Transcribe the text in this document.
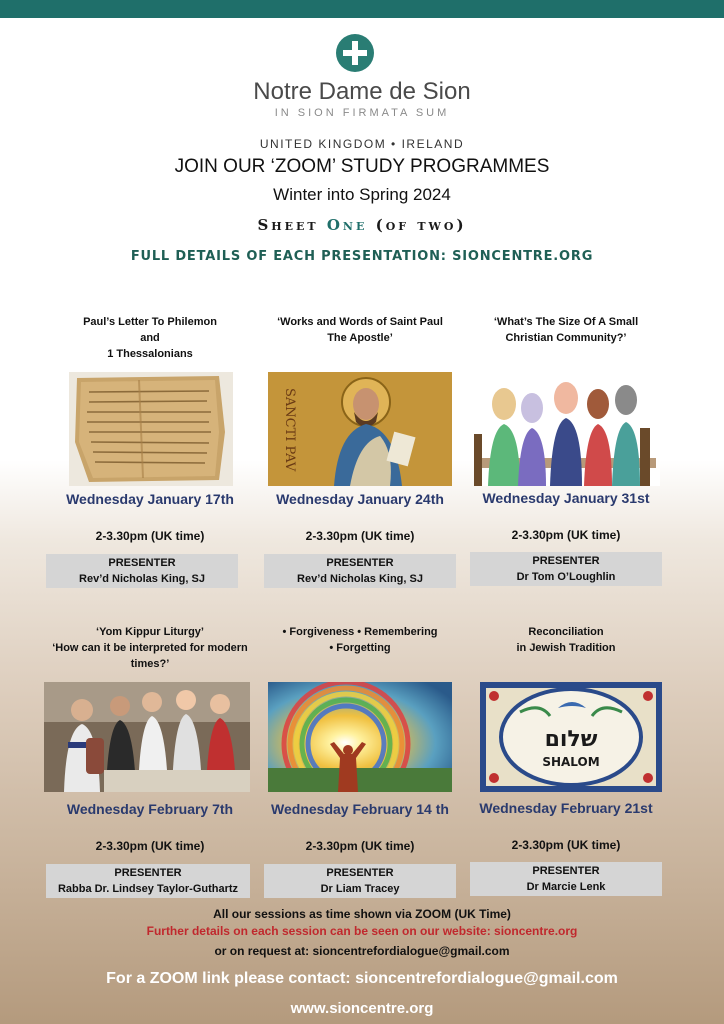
Notre Dame de Sion
IN SION FIRMATA SUM
UNITED KINGDOM • IRELAND
JOIN OUR ‘ZOOM’ STUDY PROGRAMMES
Winter into Spring 2024
Sheet One (of two)
FULL DETAILS OF EACH PRESENTATION: SIONCENTRE.ORG
Paul’s Letter To Philemon
and
1 Thessalonians
Wednesday January 17th
2-3.30pm (UK time)
PRESENTER
Rev’d Nicholas King, SJ
‘Works and Words of Saint Paul
The Apostle’
SANCTI PAV
Wednesday January 24th
2-3.30pm (UK time)
PRESENTER
Rev’d Nicholas King, SJ
‘What’s The Size Of A Small
Christian Community?’
Wednesday January 31st
2-3.30pm (UK time)
PRESENTER
Dr Tom O’Loughlin
‘Yom Kippur Liturgy’
‘How can it be interpreted for modern
times?’
Wednesday February 7th
2-3.30pm (UK time)
PRESENTER
Rabba Dr. Lindsey Taylor-Guthartz
• Forgiveness • Remembering
• Forgetting
Wednesday February 14 th
2-3.30pm (UK time)
PRESENTER
Dr Liam Tracey
Reconciliation
in Jewish Tradition
שלום
SHALOM
Wednesday February 21st
2-3.30pm (UK time)
PRESENTER
Dr Marcie Lenk
All our sessions as time shown via ZOOM (UK Time)
Further details on each session can be seen on our website: sioncentre.org
or on request at: sioncentrefordialogue@gmail.com
For a ZOOM link please contact: sioncentrefordialogue@gmail.com
www.sioncentre.org
